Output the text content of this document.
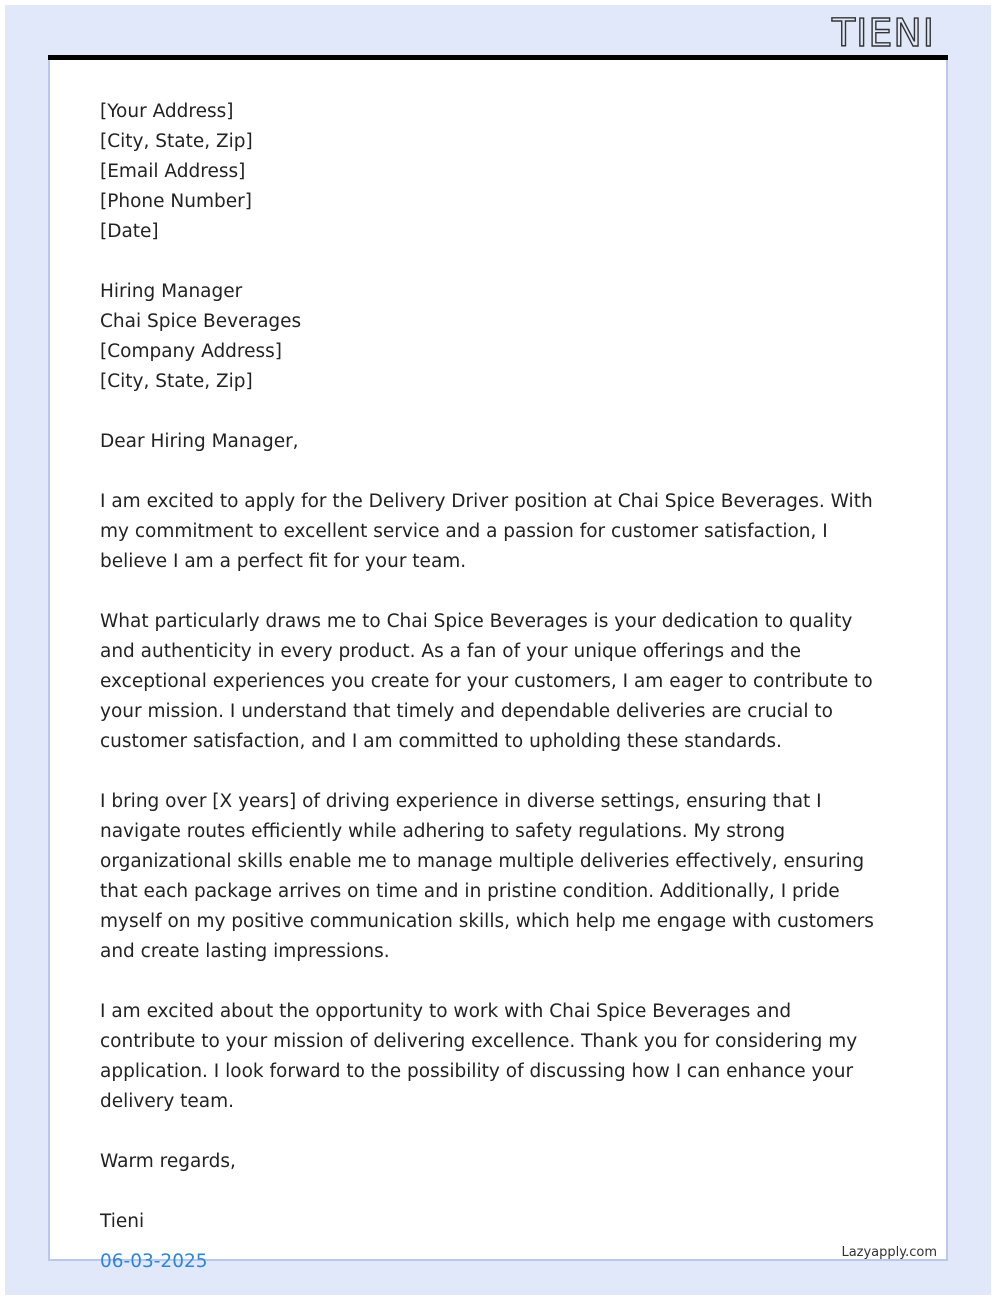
TIENI
[Your Address]
[City, State, Zip]
[Email Address]
[Phone Number]
[Date]
Hiring Manager
Chai Spice Beverages
[Company Address]
[City, State, Zip]
Dear Hiring Manager,
I am excited to apply for the Delivery Driver position at Chai Spice Beverages. With my commitment to excellent service and a passion for customer satisfaction, I believe I am a perfect fit for your team.
What particularly draws me to Chai Spice Beverages is your dedication to quality and authenticity in every product. As a fan of your unique offerings and the exceptional experiences you create for your customers, I am eager to contribute to your mission. I understand that timely and dependable deliveries are crucial to customer satisfaction, and I am committed to upholding these standards.
I bring over [X years] of driving experience in diverse settings, ensuring that I navigate routes efficiently while adhering to safety regulations. My strong organizational skills enable me to manage multiple deliveries effectively, ensuring that each package arrives on time and in pristine condition. Additionally, I pride myself on my positive communication skills, which help me engage with customers and create lasting impressions.
I am excited about the opportunity to work with Chai Spice Beverages and contribute to your mission of delivering excellence. Thank you for considering my application. I look forward to the possibility of discussing how I can enhance your delivery team.
Warm regards,
Tieni
06-03-2025	Lazyapply.com
